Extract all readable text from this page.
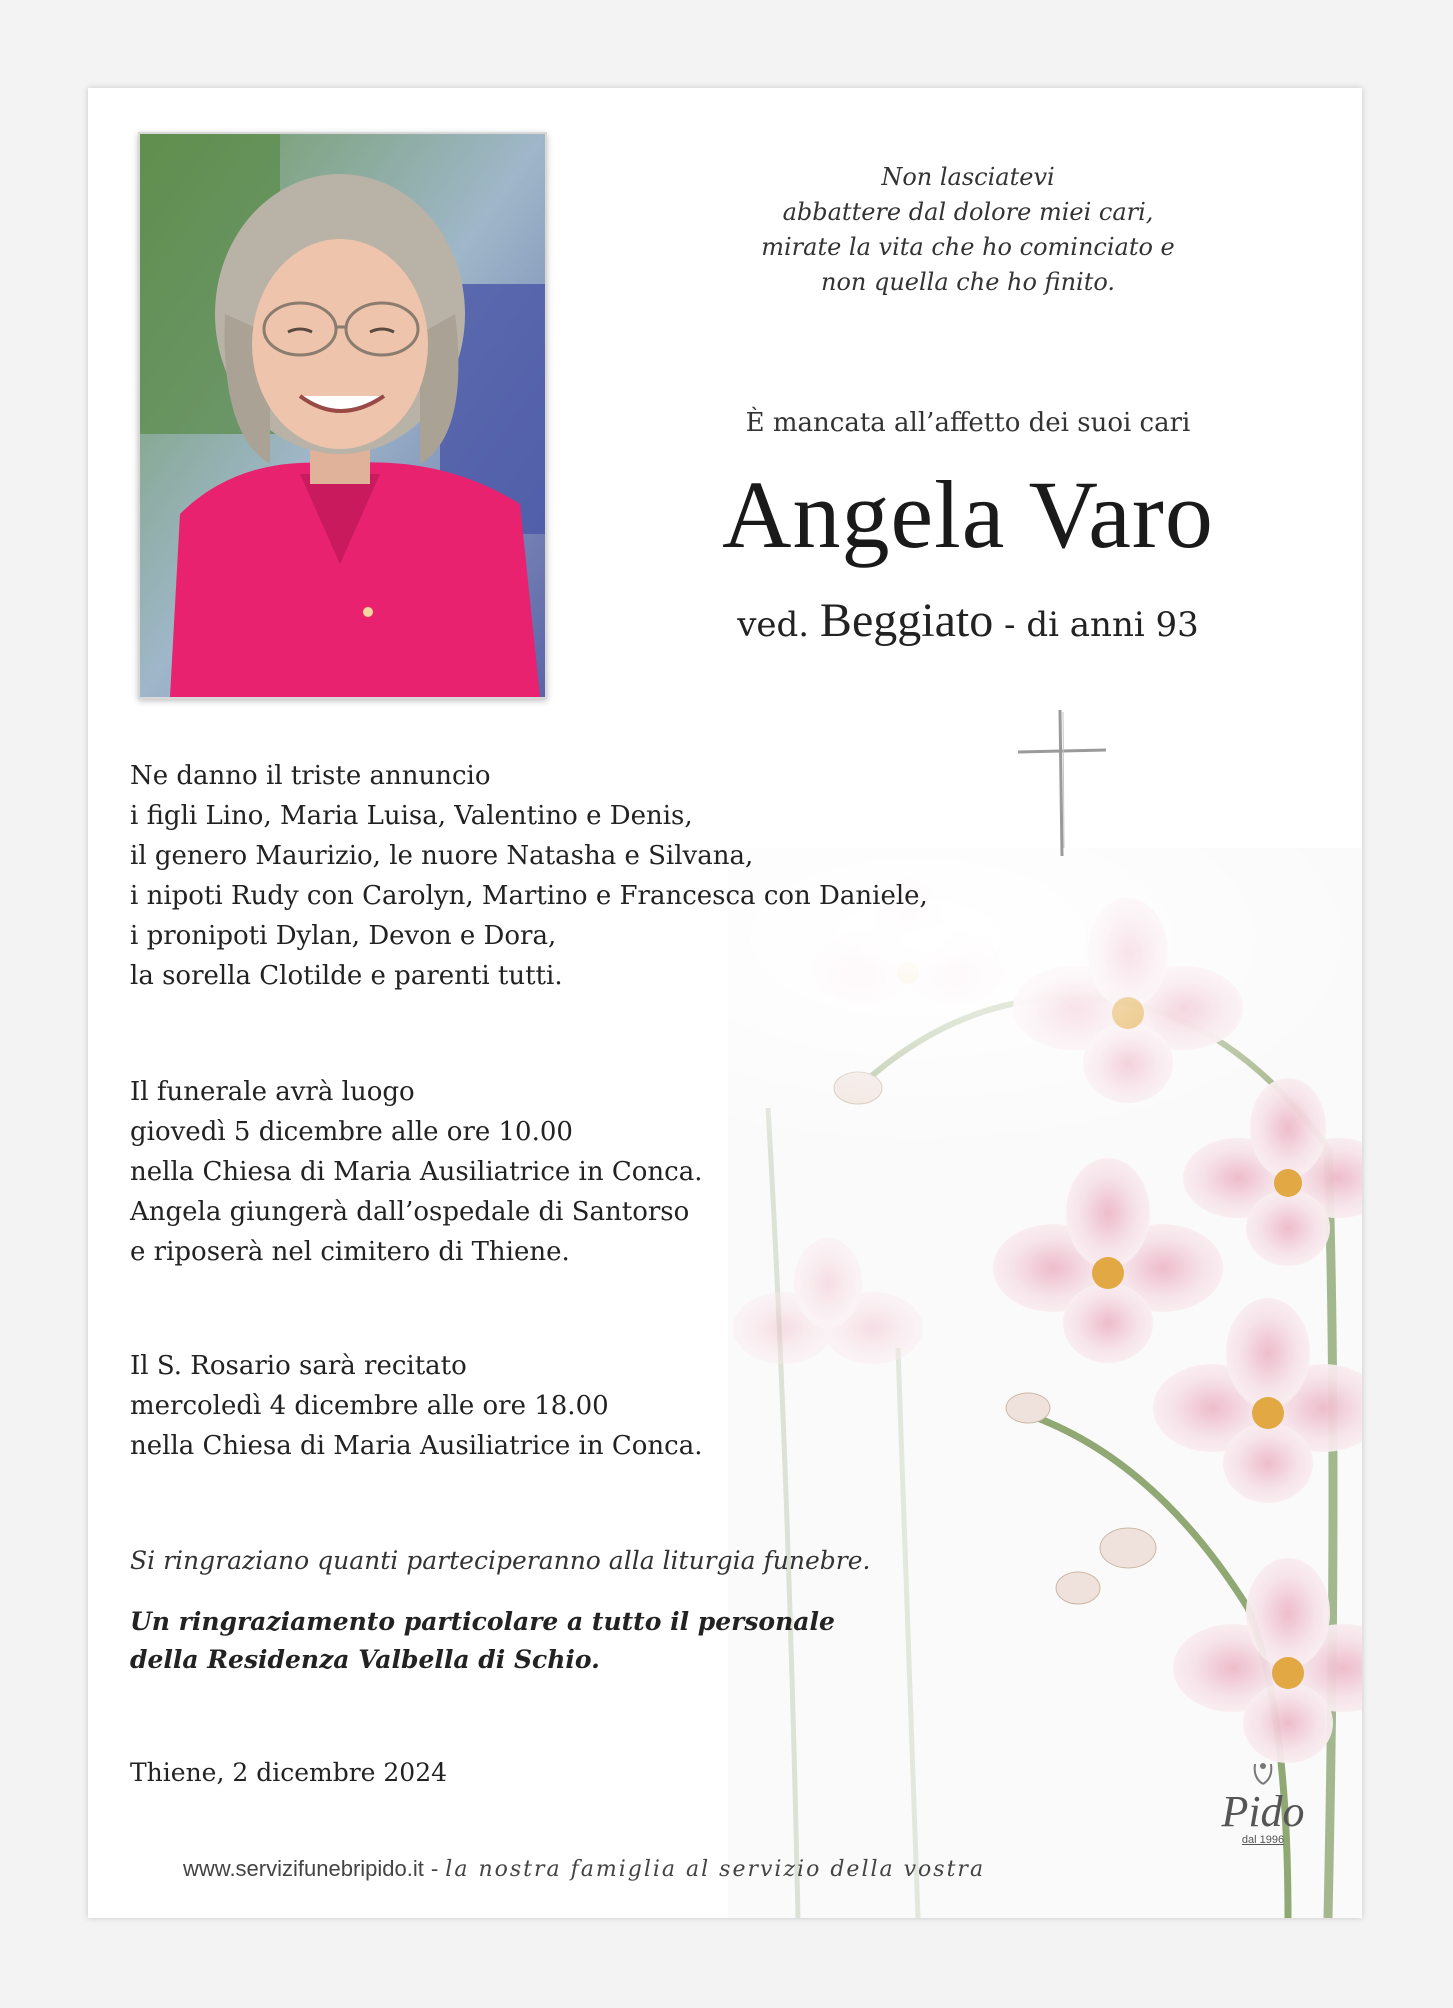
Non lasciatevi
abbattere dal dolore miei cari,
mirate la vita che ho cominciato e
non quella che ho finito.
È mancata all’affetto dei suoi cari
Angela Varo
ved. Beggiato - di anni 93
Ne danno il triste annuncio
i figli Lino, Maria Luisa, Valentino e Denis,
il genero Maurizio, le nuore Natasha e Silvana,
i nipoti Rudy con Carolyn, Martino e Francesca con Daniele,
i pronipoti Dylan, Devon e Dora,
la sorella Clotilde e parenti tutti.
Il funerale avrà luogo
giovedì 5 dicembre alle ore 10.00
nella Chiesa di Maria Ausiliatrice in Conca.
Angela giungerà dall’ospedale di Santorso
e riposerà nel cimitero di Thiene.
Il S. Rosario sarà recitato
mercoledì 4 dicembre alle ore 18.00
nella Chiesa di Maria Ausiliatrice in Conca.
Si ringraziano quanti parteciperanno alla liturgia funebre.
Un ringraziamento particolare a tutto il personale
della Residenza Valbella di Schio.
Thiene, 2 dicembre 2024
www.servizifunebripido.it - la nostra famiglia al servizio della vostra
Pido
dal 1996
